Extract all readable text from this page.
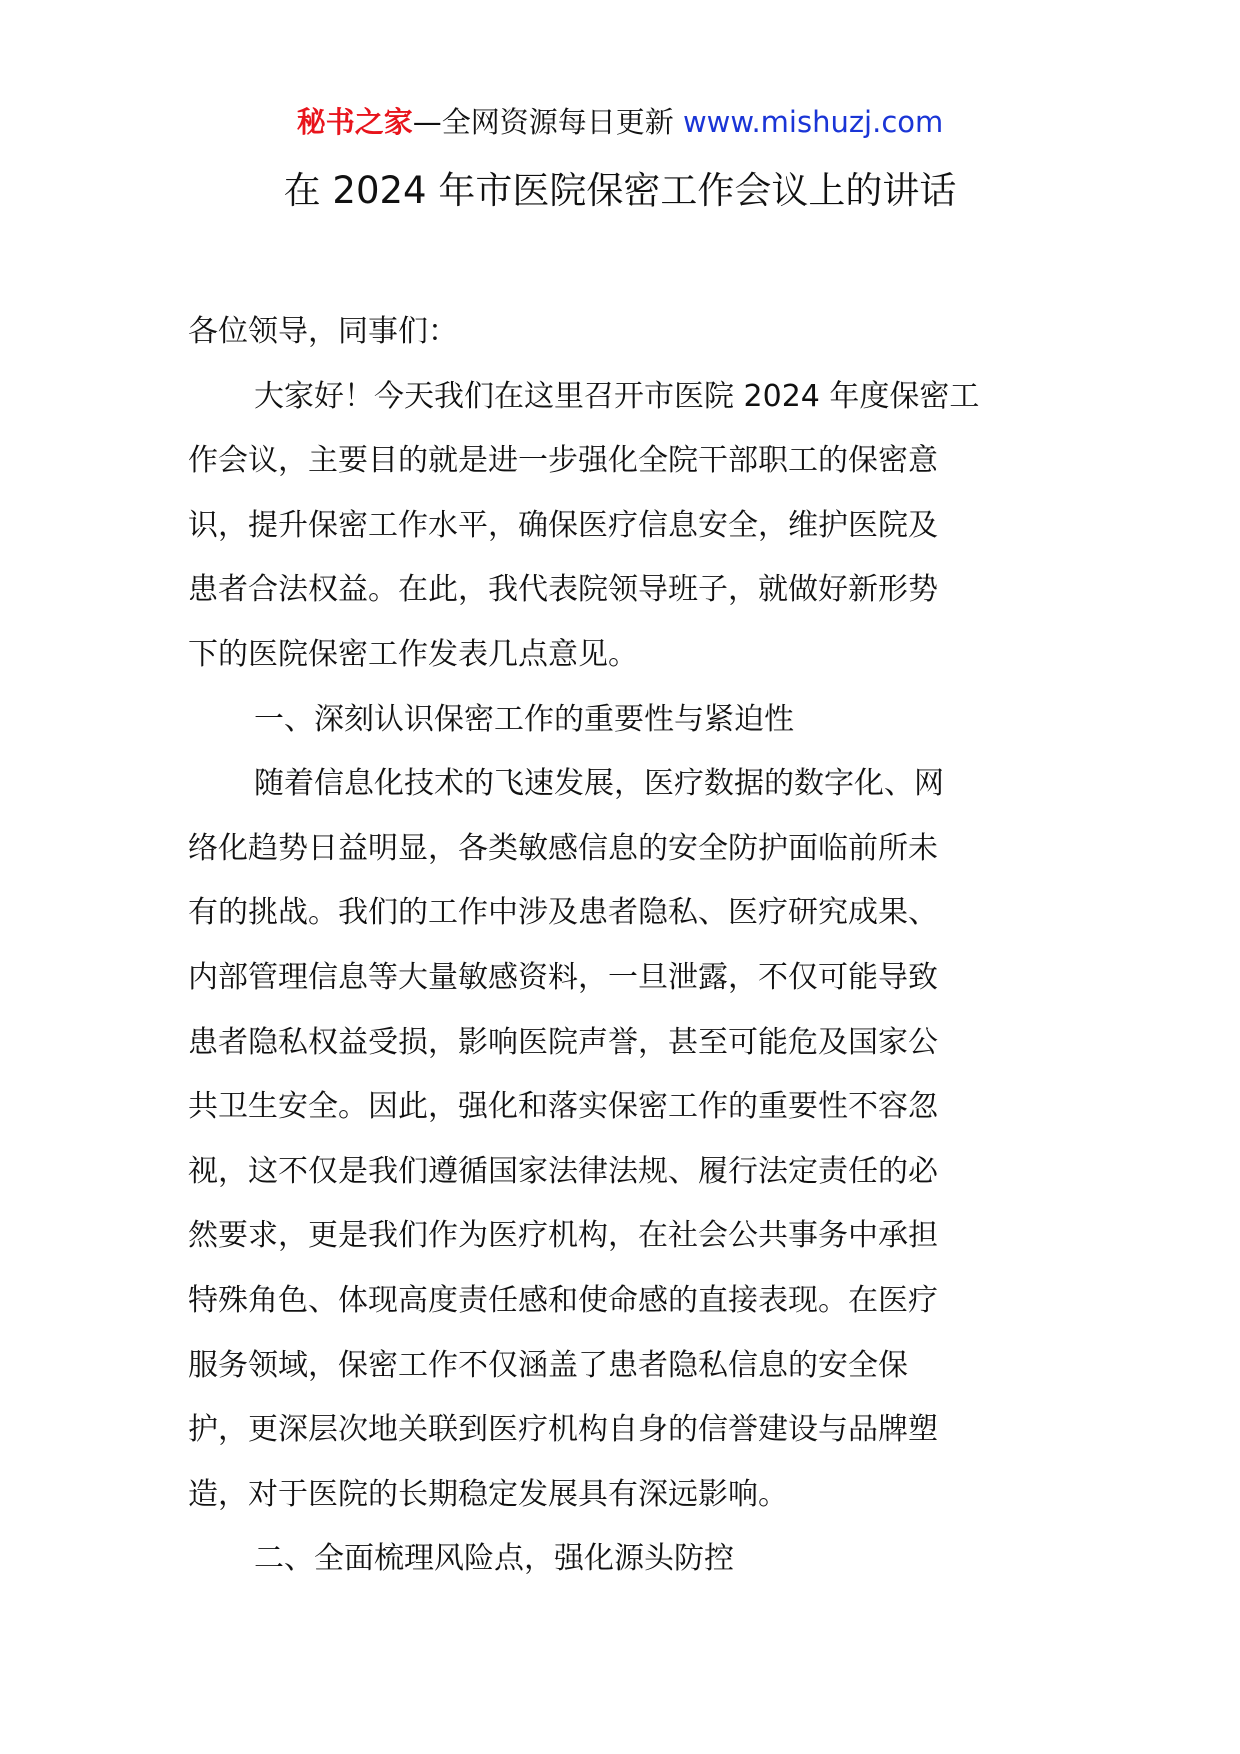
秘书之家—全网资源每日更新 www.mishuzj.com
在 2024 年市医院保密工作会议上的讲话
各位领导，同事们：
大家好！今天我们在这里召开市医院 2024 年度保密工
作会议，主要目的就是进一步强化全院干部职工的保密意
识，提升保密工作水平，确保医疗信息安全，维护医院及
患者合法权益。在此，我代表院领导班子，就做好新形势
下的医院保密工作发表几点意见。
一、深刻认识保密工作的重要性与紧迫性
随着信息化技术的飞速发展，医疗数据的数字化、网
络化趋势日益明显，各类敏感信息的安全防护面临前所未
有的挑战。我们的工作中涉及患者隐私、医疗研究成果、
内部管理信息等大量敏感资料，一旦泄露，不仅可能导致
患者隐私权益受损，影响医院声誉，甚至可能危及国家公
共卫生安全。因此，强化和落实保密工作的重要性不容忽
视，这不仅是我们遵循国家法律法规、履行法定责任的必
然要求，更是我们作为医疗机构，在社会公共事务中承担
特殊角色、体现高度责任感和使命感的直接表现。在医疗
服务领域，保密工作不仅涵盖了患者隐私信息的安全保
护，更深层次地关联到医疗机构自身的信誉建设与品牌塑
造，对于医院的长期稳定发展具有深远影响。
二、全面梳理风险点，强化源头防控
